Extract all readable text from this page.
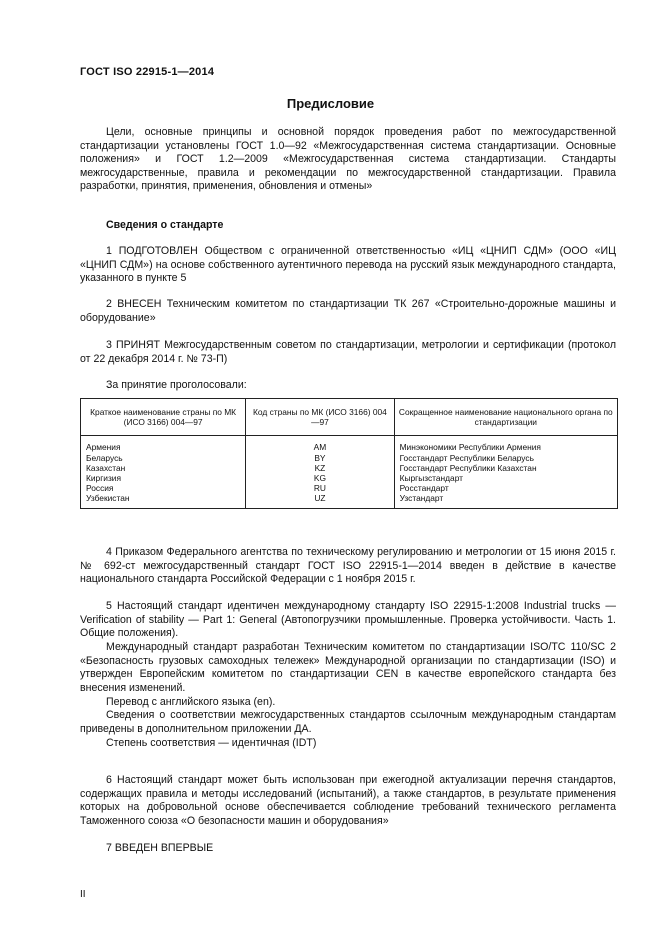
ГОСТ ISO 22915-1—2014
Предисловие
Цели, основные принципы и основной порядок проведения работ по межгосударственной стандартизации установлены ГОСТ 1.0—92 «Межгосударственная система стандартизации. Основные положения» и ГОСТ 1.2—2009 «Межгосударственная система стандартизации. Стандарты межгосударственные, правила и рекомендации по межгосударственной стандартизации. Правила разработки, принятия, применения, обновления и отмены»
Сведения о стандарте
1 ПОДГОТОВЛЕН Обществом с ограниченной ответственностью «ИЦ «ЦНИП СДМ» (ООО «ИЦ «ЦНИП СДМ») на основе собственного аутентичного перевода на русский язык международного стандарта, указанного в пункте 5
2 ВНЕСЕН Техническим комитетом по стандартизации ТК 267 «Строительно-дорожные машины и оборудование»
3 ПРИНЯТ Межгосударственным советом по стандартизации, метрологии и сертификации (протокол от 22 декабря 2014 г. № 73-П)
За принятие проголосовали:
Краткое наименование страны по МК (ИСО 3166) 004—97	Код страны по МК (ИСО 3166) 004—97	Сокращенное наименование национального органа по стандартизации
Армения	AM	Минэкономики Республики Армения
Беларусь	BY	Госстандарт Республики Беларусь
Казахстан	KZ	Госстандарт Республики Казахстан
Киргизия	KG	Кыргызстандарт
Россия	RU	Росстандарт
Узбекистан	UZ	Узстандарт
4 Приказом Федерального агентства по техническому регулированию и метрологии от 15 июня 2015 г. № 692-ст межгосударственный стандарт ГОСТ ISO 22915-1—2014 введен в действие в качестве национального стандарта Российской Федерации с 1 ноября 2015 г.
5 Настоящий стандарт идентичен международному стандарту ISO 22915-1:2008 Industrial trucks — Verification of stability — Part 1: General (Автопогрузчики промышленные. Проверка устойчивости. Часть 1. Общие положения).
Международный стандарт разработан Техническим комитетом по стандартизации ISO/TC 110/SC 2 «Безопасность грузовых самоходных тележек» Международной организации по стандартизации (ISO) и утвержден Европейским комитетом по стандартизации CEN в качестве европейского стандарта без внесения изменений.
Перевод с английского языка (en).
Сведения о соответствии межгосударственных стандартов ссылочным международным стандартам приведены в дополнительном приложении ДА.
Степень соответствия — идентичная (IDT)
6 Настоящий стандарт может быть использован при ежегодной актуализации перечня стандартов, содержащих правила и методы исследований (испытаний), а также стандартов, в результате применения которых на добровольной основе обеспечивается соблюдение требований технического регламента Таможенного союза «О безопасности машин и оборудования»
7 ВВЕДЕН ВПЕРВЫЕ
II
